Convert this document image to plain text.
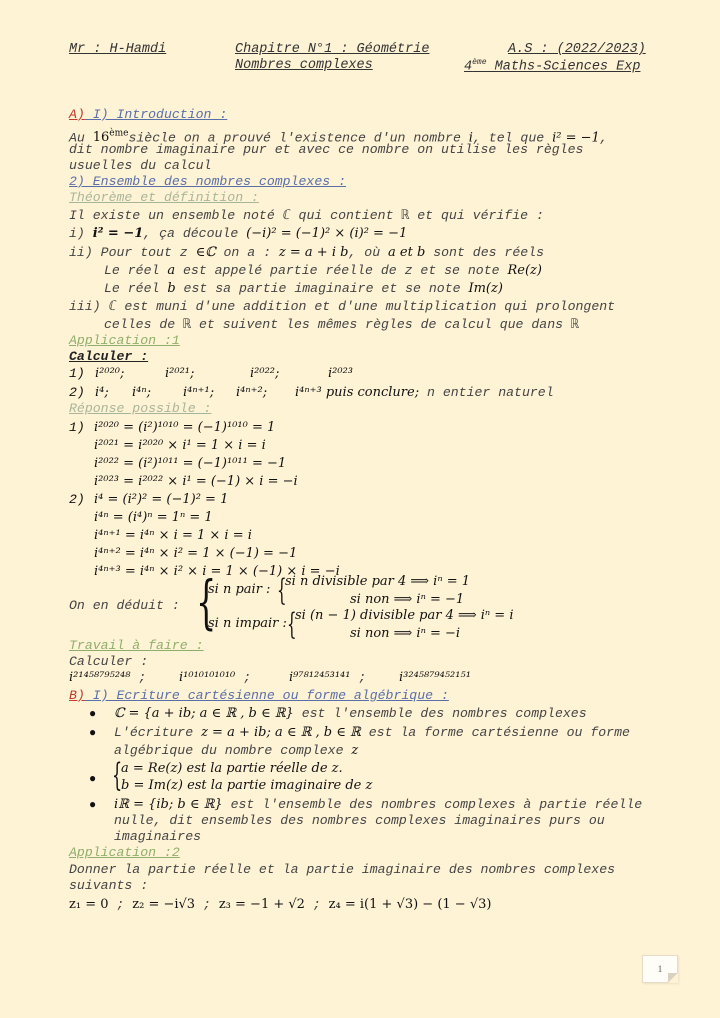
Mr : H-Hamdi	Chapitre N°1 : Géométrie	A.S : (2022/2023)
Nombres complexes	4ème Maths-Sciences Exp
A) I) Introduction :
Au 16èmesiècle on a prouvé l'existence d'un nombre i, tel que i² = −1,
dit nombre imaginaire pur et avec ce nombre on utilise les règles
usuelles du calcul
2) Ensemble des nombres complexes :
Théorème et définition :
Il existe un ensemble noté ℂ qui contient ℝ et qui vérifie :
i) i² = −1, ça découle (−i)² = (−1)² × (i)² = −1
ii) Pour tout z ∈ℂ on a : z = a + i b, où a et b sont des réels
Le réel a est appelé partie réelle de z et se note Re(z)
Le réel b est sa partie imaginaire et se note Im(z)
iii) ℂ est muni d'une addition et d'une multiplication qui prolongent
celles de ℝ et suivent les mêmes règles de calcul que dans ℝ
Application :1
Calculer :
1) i²⁰²⁰;	i²⁰²¹;	i²⁰²²;	i²⁰²³
2) i⁴; i⁴ⁿ; i⁴ⁿ⁺¹; i⁴ⁿ⁺²; i⁴ⁿ⁺³ puis conclure; n entier naturel
Réponse possible :
1) i²⁰²⁰ = (i²)¹⁰¹⁰ = (−1)¹⁰¹⁰ = 1
i²⁰²¹ = i²⁰²⁰ × i¹ = 1 × i = i
i²⁰²² = (i²)¹⁰¹¹ = (−1)¹⁰¹¹ = −1
i²⁰²³ = i²⁰²² × i¹ = (−1) × i = −i
2) i⁴ = (i²)² = (−1)² = 1
i⁴ⁿ = (i⁴)ⁿ = 1ⁿ = 1
i⁴ⁿ⁺¹ = i⁴ⁿ × i = 1 × i = i
i⁴ⁿ⁺² = i⁴ⁿ × i² = 1 × (−1) = −1
i⁴ⁿ⁺³ = i⁴ⁿ × i² × i = 1 × (−1) × i = −i
On en déduit : {
si n pair : {
si n divisible par 4 ⟹ iⁿ = 1
si non ⟹ iⁿ = −1
si n impair : {
si (n − 1) divisible par 4 ⟹ iⁿ = i
si non ⟹ iⁿ = −i
Travail à faire :
Calculer :
i²¹⁴⁵⁸⁷⁹⁵²⁴⁸ ;	i¹⁰¹⁰¹⁰¹⁰¹⁰ ;	i⁹⁷⁸¹²⁴⁵³¹⁴¹ ;	i³²⁴⁵⁸⁷⁹⁴⁵²¹⁵¹
B) I) Ecriture cartésienne ou forme algébrique :
● ℂ = {a + ib; a ∈ ℝ , b ∈ ℝ} est l'ensemble des nombres complexes
● L'écriture z = a + ib; a ∈ ℝ , b ∈ ℝ est la forme cartésienne ou forme
algébrique du nombre complexe z
● {
a = Re(z) est la partie réelle de z.
b = Im(z) est la partie imaginaire de z
● iℝ = {ib; b ∈ ℝ} est l'ensemble des nombres complexes à partie réelle
nulle, dit ensembles des nombres complexes imaginaires purs ou
imaginaires
Application :2
Donner la partie réelle et la partie imaginaire des nombres complexes
suivants :
z₁ = 0 ; z₂ = −i√3 ; z₃ = −1 + √2 ; z₄ = i(1 + √3) − (1 − √3)
1
